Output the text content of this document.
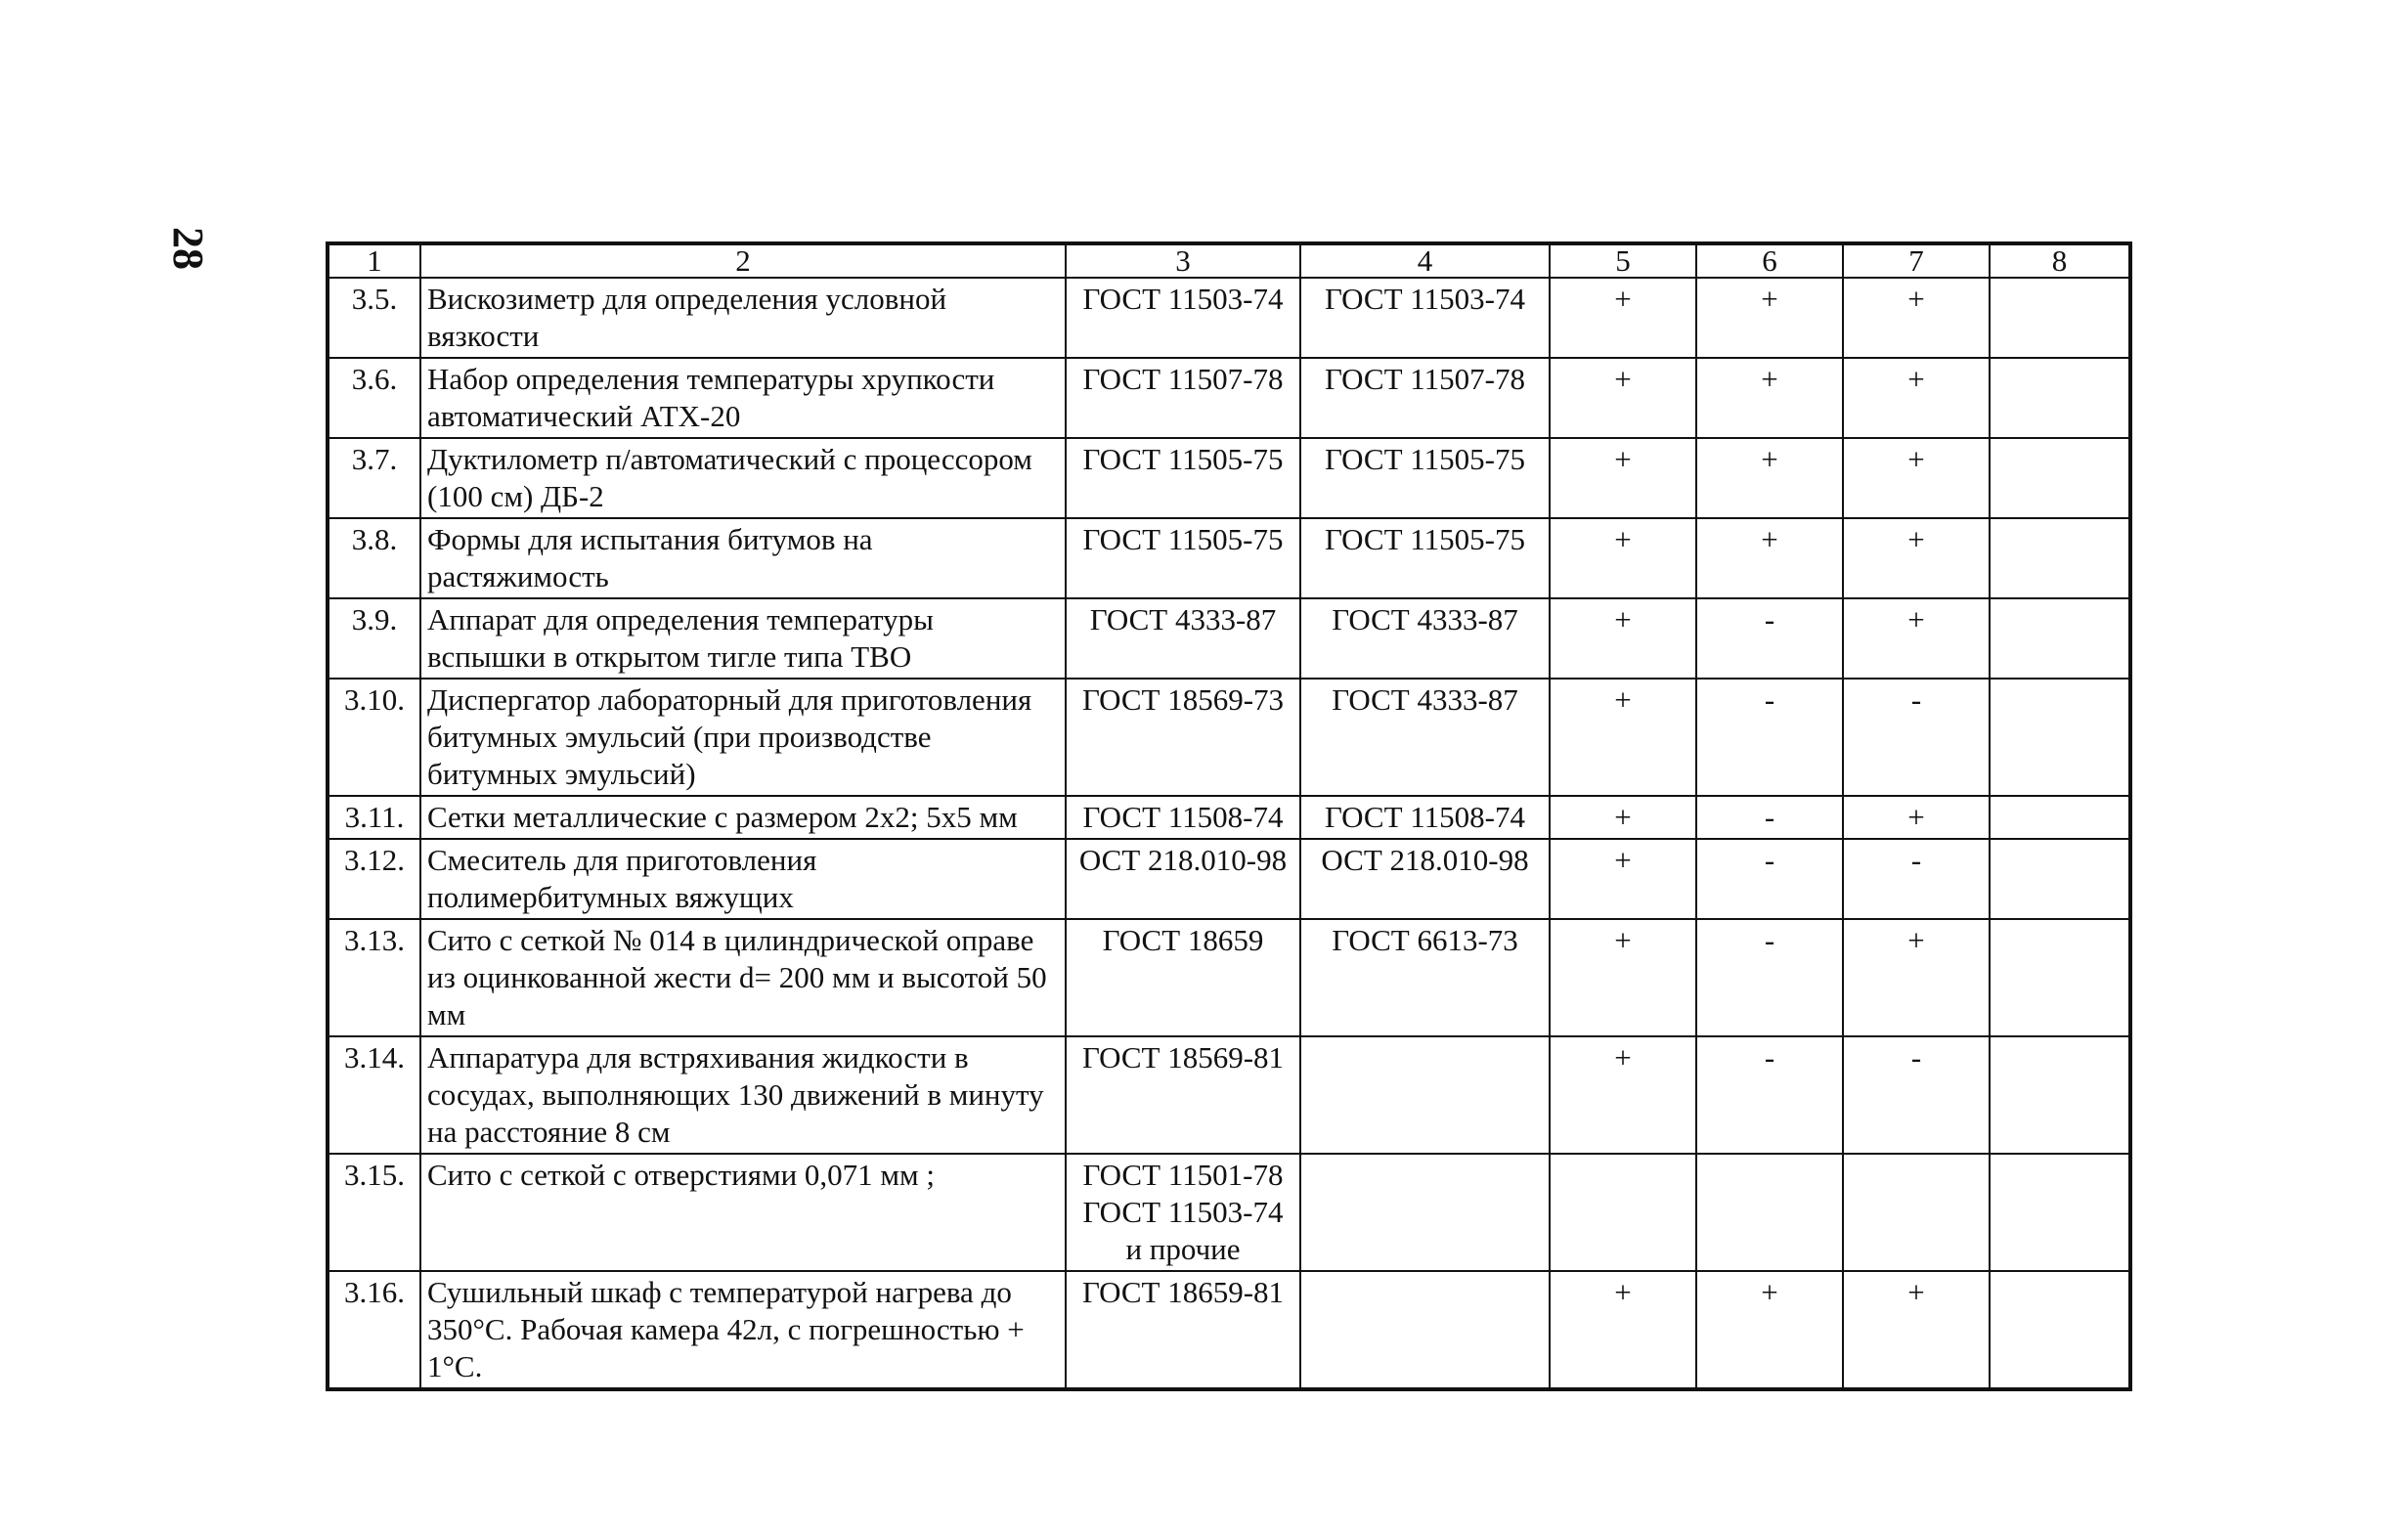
28	1	2	3	4	5	6	7	8
3.5.	Вискозиметр для определения условной вязкости	ГОСТ 11503-74	ГОСТ 11503-74	+	+	+	
3.6.	Набор определения температуры хрупкости автоматический АТХ-20	ГОСТ 11507-78	ГОСТ 11507-78	+	+	+	
3.7.	Дуктилометр п/автоматический с процессором (100 см) ДБ-2	ГОСТ 11505-75	ГОСТ 11505-75	+	+	+	
3.8.	Формы для испытания битумов на растяжимость	ГОСТ 11505-75	ГОСТ 11505-75	+	+	+	
3.9.	Аппарат для определения температуры вспышки в открытом тигле типа ТВО	ГОСТ 4333-87	ГОСТ 4333-87	+	-	+	
3.10.	Диспергатор лабораторный для приготовления битумных эмульсий (при производстве битумных эмульсий)	ГОСТ 18569-73	ГОСТ 4333-87	+	-	-	
3.11.	Сетки металлические с размером 2х2; 5х5 мм	ГОСТ 11508-74	ГОСТ 11508-74	+	-	+	
3.12.	Смеситель для приготовления полимербитумных вяжущих	ОСТ 218.010-98	ОСТ 218.010-98	+	-	-	
3.13.	Сито с сеткой № 014 в цилиндрической оправе из оцинкованной жести d= 200 мм и высотой 50 мм	ГОСТ 18659	ГОСТ 6613-73	+	-	+	
3.14.	Аппаратура для встряхивания жидкости в сосудах, выполняющих 130 движений в минуту на расстояние 8 см	ГОСТ 18569-81		+	-	-	
3.15.	Сито с сеткой с отверстиями 0,071 мм ;	ГОСТ 11501-78
ГОСТ 11503-74
и прочие					

3.16.	Сушильный шкаф с температурой нагрева до 350°С. Рабочая камера 42л, с погрешностью + 1°С.	ГОСТ 18659-81		+	+	+	
